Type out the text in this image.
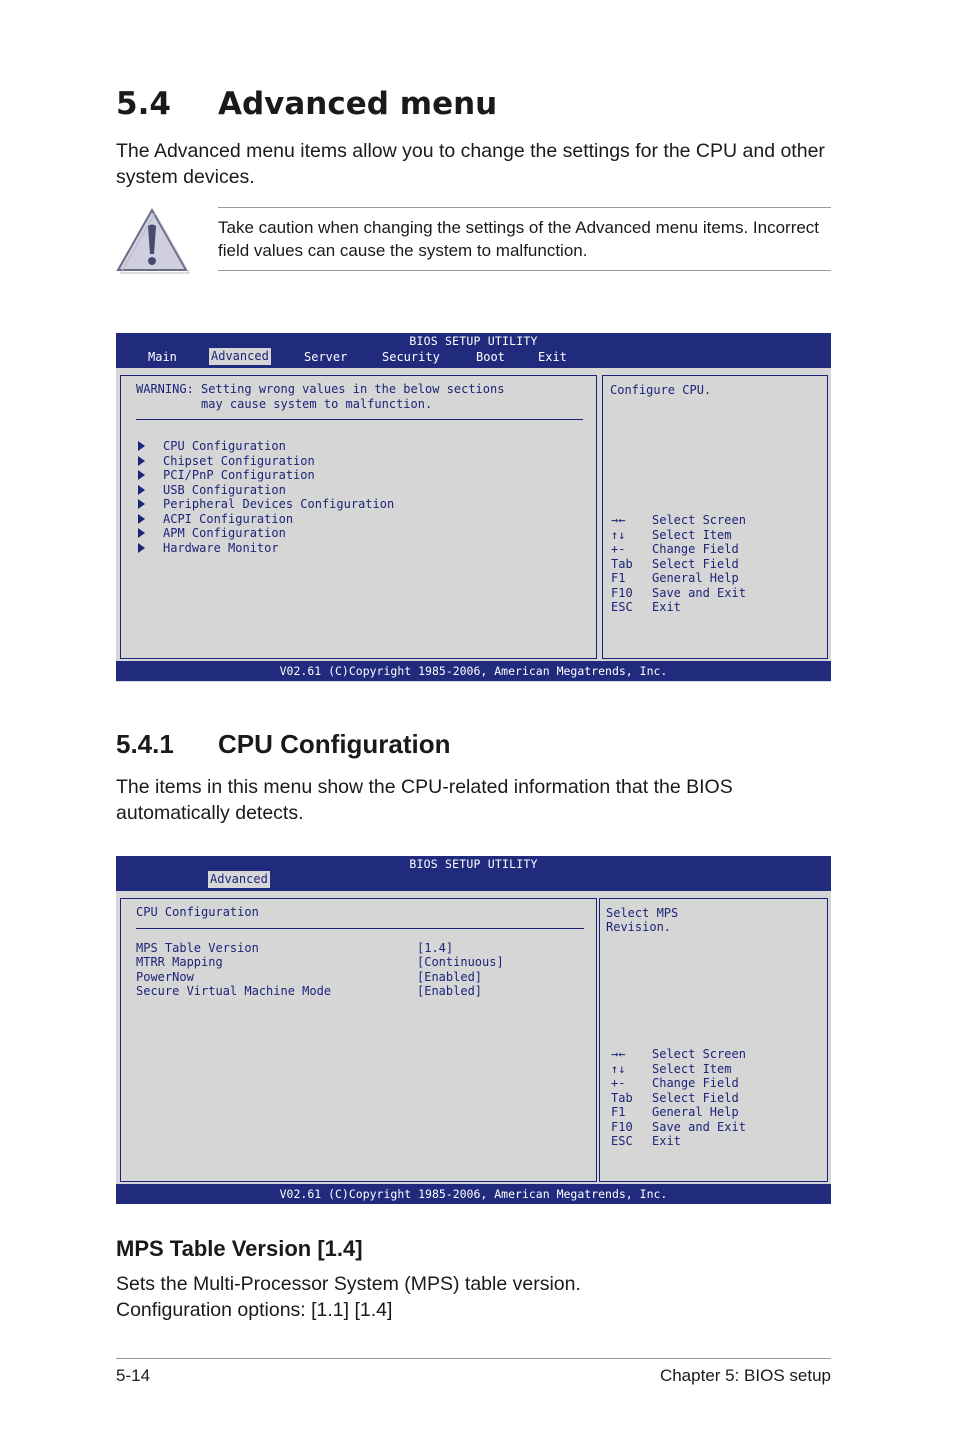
5.4 Advanced menu
The Advanced menu items allow you to change the settings for the CPU and other system devices.
Take caution when changing the settings of the Advanced menu items. Incorrect field values can cause the system to malfunction.
BIOS SETUP UTILITY
Main	Advanced	Server	Security	Boot	Exit
WARNING: Setting wrong values in the below sections
may cause system to malfunction.
CPU Configuration
Chipset Configuration
PCI/PnP Configuration
USB Configuration
Peripheral Devices Configuration
ACPI Configuration
APM Configuration
Hardware Monitor
Configure CPU.
→←	Select Screen
↑↓	Select Item
+-	Change Field
Tab	Select Field
F1	General Help
F10	Save and Exit
ESC	Exit
V02.61 (C)Copyright 1985-2006, American Megatrends, Inc.
5.4.1 CPU Configuration
The items in this menu show the CPU-related information that the BIOS automatically detects.
BIOS SETUP UTILITY
Advanced
CPU Configuration
MPS Table Version	[1.4]
MTRR Mapping	[Continuous]
PowerNow	[Enabled]
Secure Virtual Machine Mode	[Enabled]
Select MPS
Revision.
→←	Select Screen
↑↓	Select Item
+-	Change Field
Tab	Select Field
F1	General Help
F10	Save and Exit
ESC	Exit
V02.61 (C)Copyright 1985-2006, American Megatrends, Inc.
MPS Table Version [1.4]
Sets the Multi-Processor System (MPS) table version.
Configuration options: [1.1] [1.4]
5-14	Chapter 5: BIOS setup
